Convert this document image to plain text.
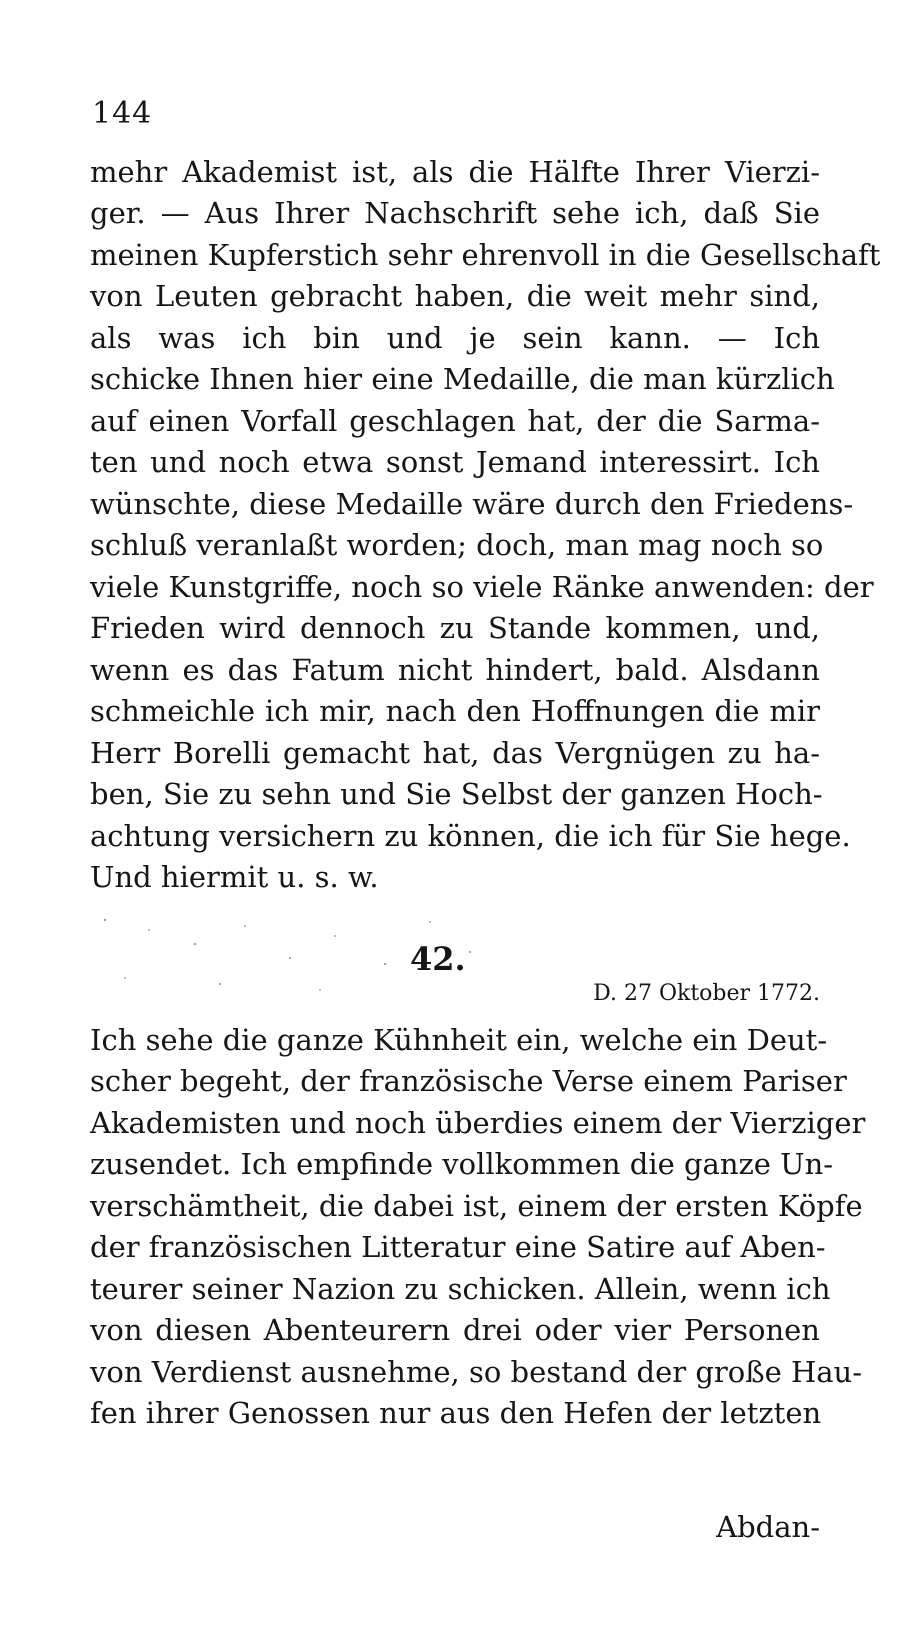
144
mehr Akademist ist, als die Hälfte Ihrer Vierzi-
ger. — Aus Ihrer Nachschrift sehe ich, daß Sie
meinen Kupferstich sehr ehrenvoll in die Gesellschaft
von Leuten gebracht haben, die weit mehr sind,
als was ich bin und je sein kann. — Ich
schicke Ihnen hier eine Medaille, die man kürzlich
auf einen Vorfall geschlagen hat, der die Sarma-
ten und noch etwa sonst Jemand interessirt. Ich
wünschte, diese Medaille wäre durch den Friedens-
schluß veranlaßt worden; doch, man mag noch so
viele Kunstgriffe, noch so viele Ränke anwenden: der
Frieden wird dennoch zu Stande kommen, und,
wenn es das Fatum nicht hindert, bald. Alsdann
schmeichle ich mir, nach den Hoffnungen die mir
Herr Borelli gemacht hat, das Vergnügen zu ha-
ben, Sie zu sehn und Sie Selbst der ganzen Hoch-
achtung versichern zu können, die ich für Sie hege.
Und hiermit u. s. w.
42.
D. 27 Oktober 1772.
Ich sehe die ganze Kühnheit ein, welche ein Deut-
scher begeht, der französische Verse einem Pariser
Akademisten und noch überdies einem der Vierziger
zusendet. Ich empfinde vollkommen die ganze Un-
verschämtheit, die dabei ist, einem der ersten Köpfe
der französischen Litteratur eine Satire auf Aben-
teurer seiner Nazion zu schicken. Allein, wenn ich
von diesen Abenteurern drei oder vier Personen
von Verdienst ausnehme, so bestand der große Hau-
fen ihrer Genossen nur aus den Hefen der letzten
Abdan-
